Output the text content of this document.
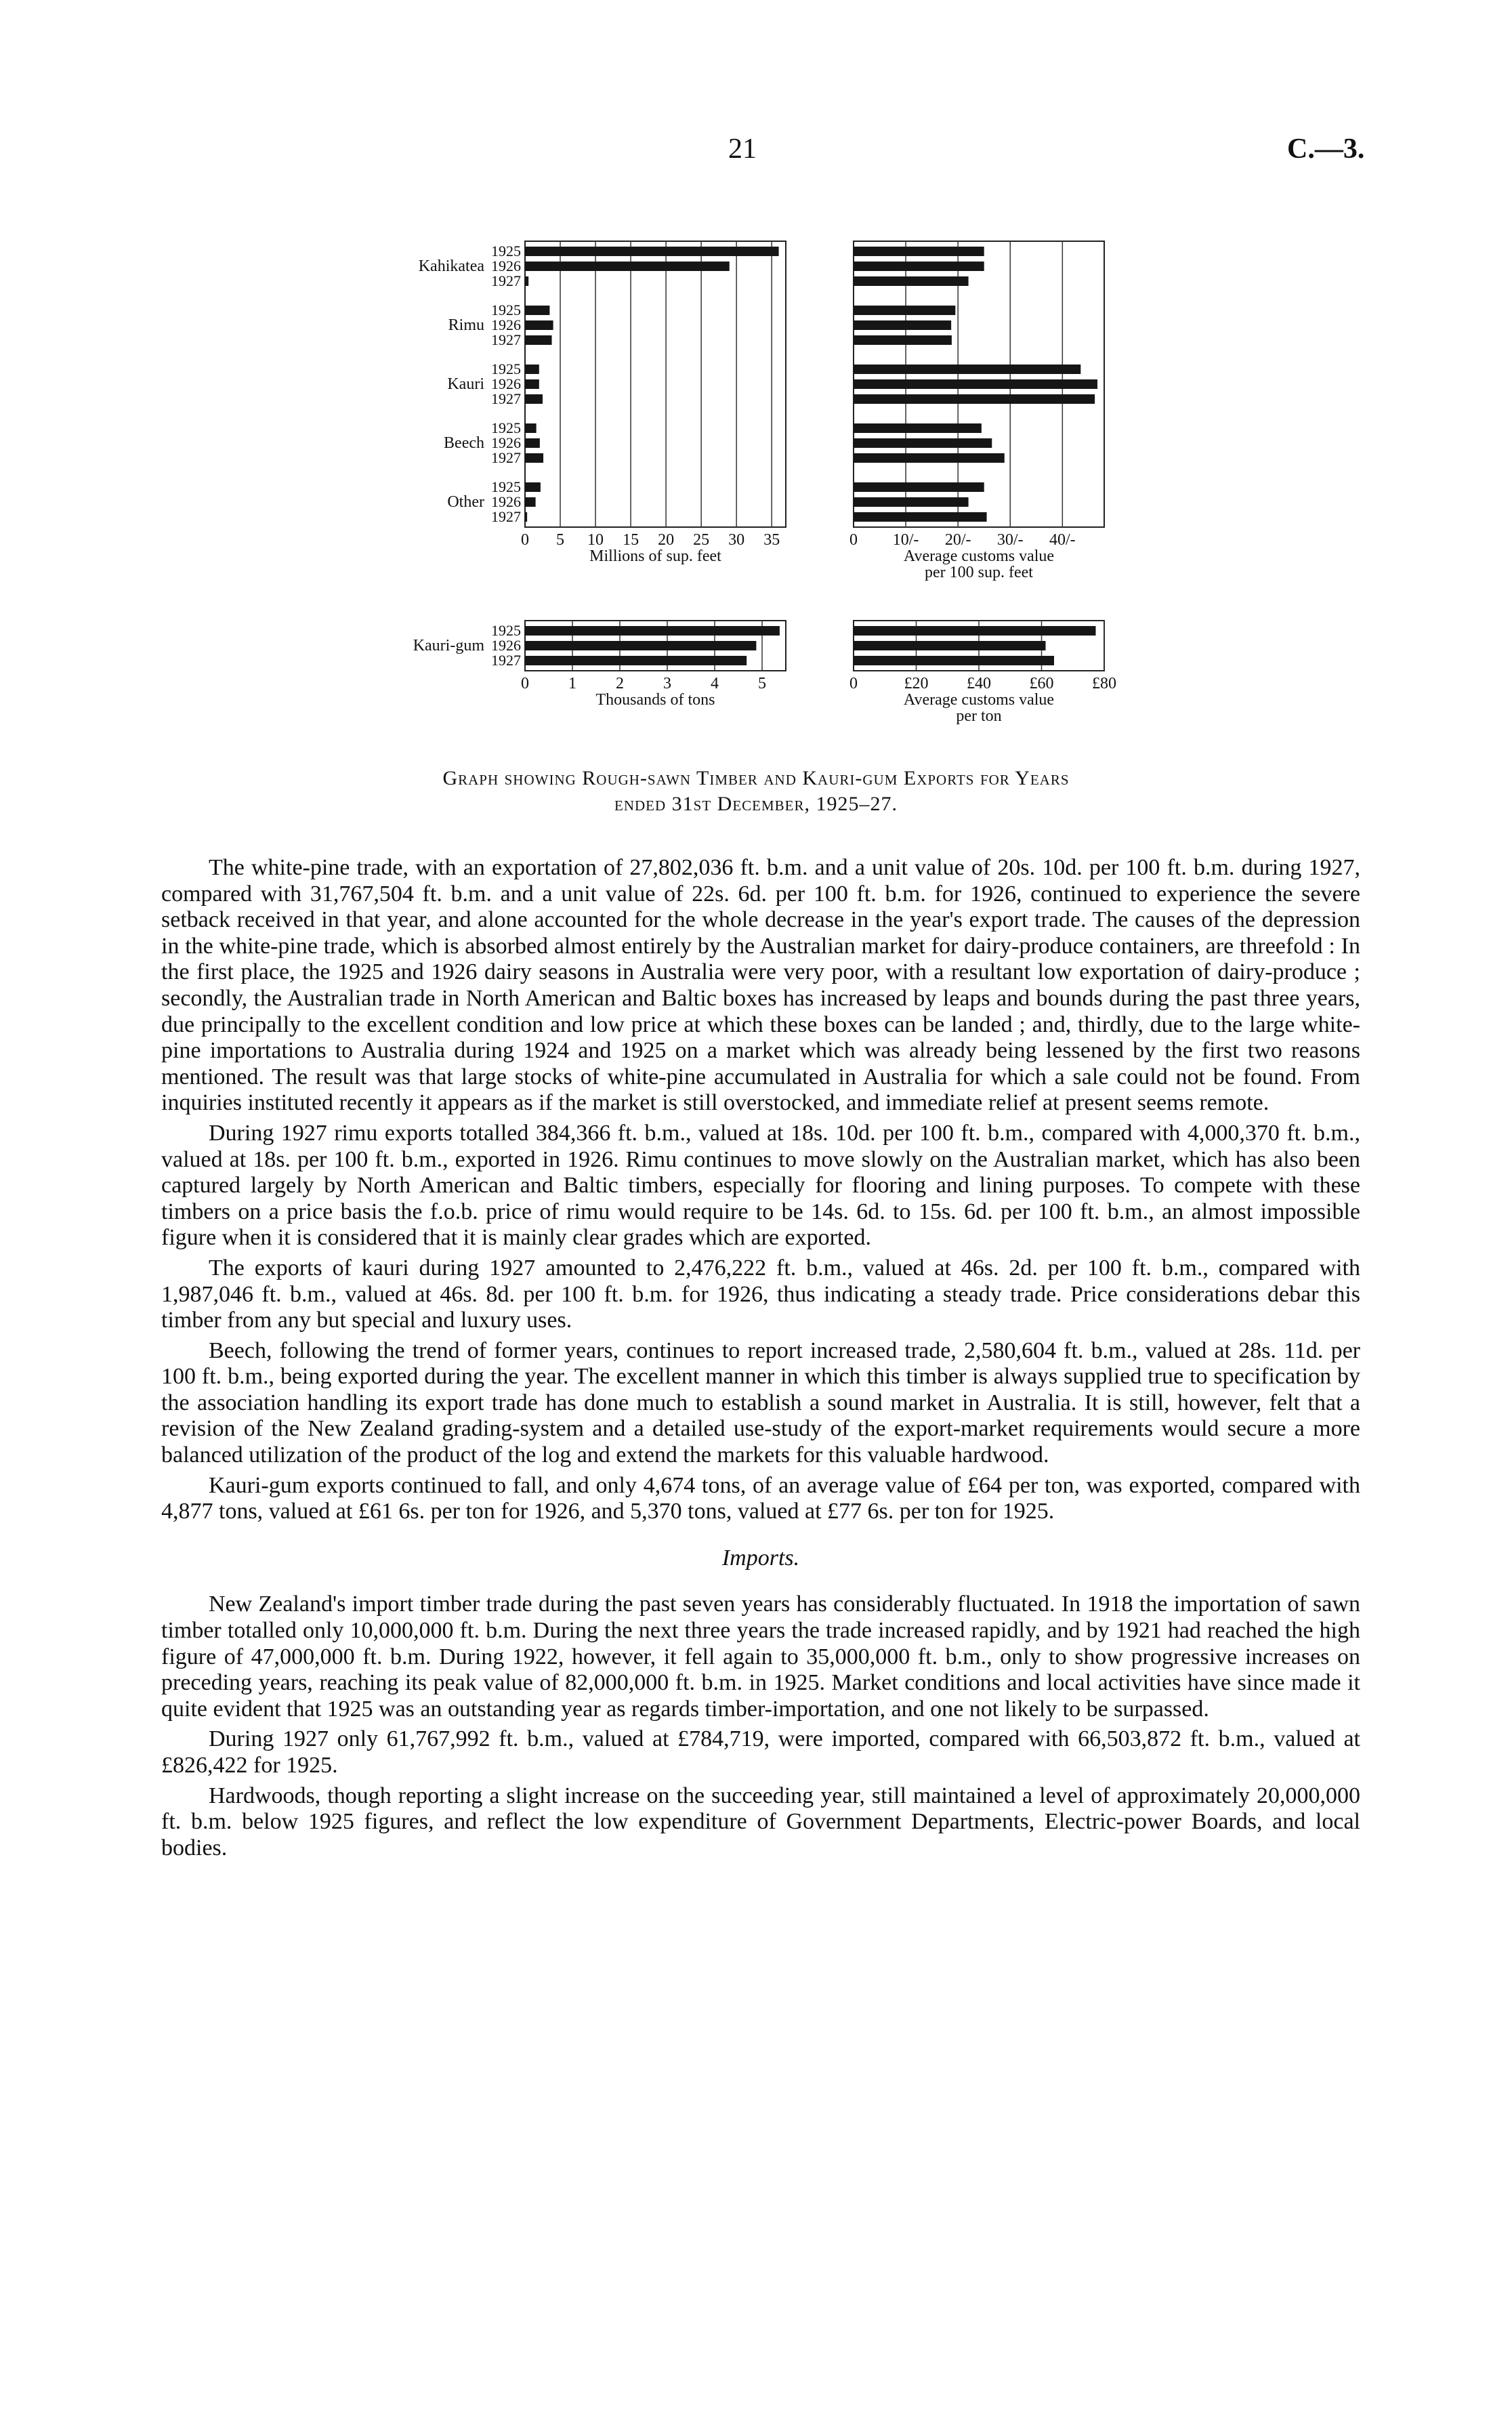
21	C.—3.
0 5 10 15 20 25 30 35
Millions of sup. feet
0 10/- 20/- 30/- 40/-
Average customs value per 100 sup. feet
0 1 2 3 4 5
Thousands of tons
0	£20 £40 £60 £80
Average customs value per ton
1925
1926
1927
Kahikatea
1925
1926
1927
Rimu
1925
1926
1927
Kauri
1925
1926
1927
Beech
1925
1926
1927
Other
1925
1926
1927
Kauri-gum
Graph showing Rough-sawn Timber and Kauri-gum Exports for Years
ended 31st December, 1925–27.

The white-pine trade, with an exportation of 27,802,036 ft. b.m. and a unit value of 20s. 10d. per 100 ft. b.m. during 1927, compared with 31,767,504 ft. b.m. and a unit value of 22s. 6d. per 100 ft. b.m. for 1926, continued to experience the severe setback received in that year, and alone accounted for the whole decrease in the year's export trade. The causes of the depression in the white-pine trade, which is absorbed almost entirely by the Australian market for dairy-produce containers, are threefold : In the first place, the 1925 and 1926 dairy seasons in Australia were very poor, with a resultant low exportation of dairy-produce ; secondly, the Australian trade in North American and Baltic boxes has increased by leaps and bounds during the past three years, due principally to the excellent condition and low price at which these boxes can be landed ; and, thirdly, due to the large white-pine importations to Australia during 1924 and 1925 on a market which was already being lessened by the first two reasons mentioned. The result was that large stocks of white-pine accumulated in Australia for which a sale could not be found. From inquiries instituted recently it appears as if the market is still overstocked, and immediate relief at present seems remote.

During 1927 rimu exports totalled 384,366 ft. b.m., valued at 18s. 10d. per 100 ft. b.m., compared with 4,000,370 ft. b.m., valued at 18s. per 100 ft. b.m., exported in 1926. Rimu continues to move slowly on the Australian market, which has also been captured largely by North American and Baltic timbers, especially for flooring and lining purposes. To compete with these timbers on a price basis the f.o.b. price of rimu would require to be 14s. 6d. to 15s. 6d. per 100 ft. b.m., an almost impossible figure when it is considered that it is mainly clear grades which are exported.

The exports of kauri during 1927 amounted to 2,476,222 ft. b.m., valued at 46s. 2d. per 100 ft. b.m., compared with 1,987,046 ft. b.m., valued at 46s. 8d. per 100 ft. b.m. for 1926, thus indicating a steady trade. Price considerations debar this timber from any but special and luxury uses.

Beech, following the trend of former years, continues to report increased trade, 2,580,604 ft. b.m., valued at 28s. 11d. per 100 ft. b.m., being exported during the year. The excellent manner in which this timber is always supplied true to specification by the association handling its export trade has done much to establish a sound market in Australia. It is still, however, felt that a revision of the New Zealand grading-system and a detailed use-study of the export-market requirements would secure a more balanced utilization of the product of the log and extend the markets for this valuable hardwood.

Kauri-gum exports continued to fall, and only 4,674 tons, of an average value of £64 per ton, was exported, compared with 4,877 tons, valued at £61 6s. per ton for 1926, and 5,370 tons, valued at £77 6s. per ton for 1925.

Imports.

New Zealand's import timber trade during the past seven years has considerably fluctuated. In 1918 the importation of sawn timber totalled only 10,000,000 ft. b.m. During the next three years the trade increased rapidly, and by 1921 had reached the high figure of 47,000,000 ft. b.m. During 1922, however, it fell again to 35,000,000 ft. b.m., only to show progressive increases on preceding years, reaching its peak value of 82,000,000 ft. b.m. in 1925. Market conditions and local activities have since made it quite evident that 1925 was an outstanding year as regards timber-importation, and one not likely to be surpassed.

During 1927 only 61,767,992 ft. b.m., valued at £784,719, were imported, compared with 66,503,872 ft. b.m., valued at £826,422 for 1925.

Hardwoods, though reporting a slight increase on the succeeding year, still maintained a level of approximately 20,000,000 ft. b.m. below 1925 figures, and reflect the low expenditure of Government Departments, Electric-power Boards, and local bodies.
